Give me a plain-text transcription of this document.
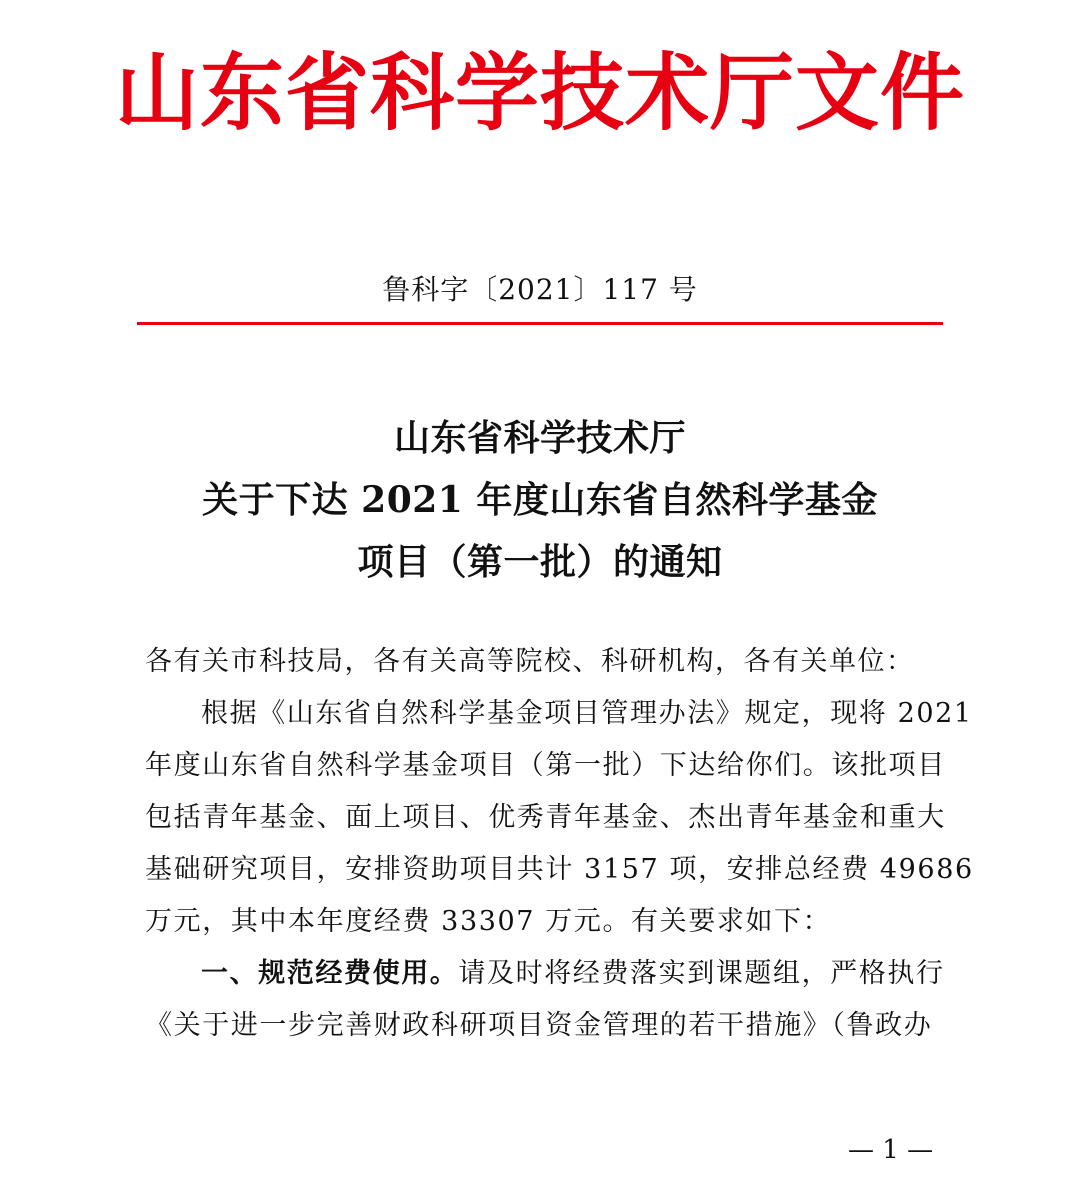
山东省科学技术厅文件
鲁科字〔2021〕117 号
山东省科学技术厅
关于下达 2021 年度山东省自然科学基金
项目（第一批）的通知
各有关市科技局，各有关高等院校、科研机构，各有关单位：
根据《山东省自然科学基金项目管理办法》规定，现将 2021
年度山东省自然科学基金项目（第一批）下达给你们。该批项目
包括青年基金、面上项目、优秀青年基金、杰出青年基金和重大
基础研究项目，安排资助项目共计 3157 项，安排总经费 49686
万元，其中本年度经费 33307 万元。有关要求如下：
一、规范经费使用。请及时将经费落实到课题组，严格执行
《关于进一步完善财政科研项目资金管理的若干措施》（鲁政办
— 1 —
